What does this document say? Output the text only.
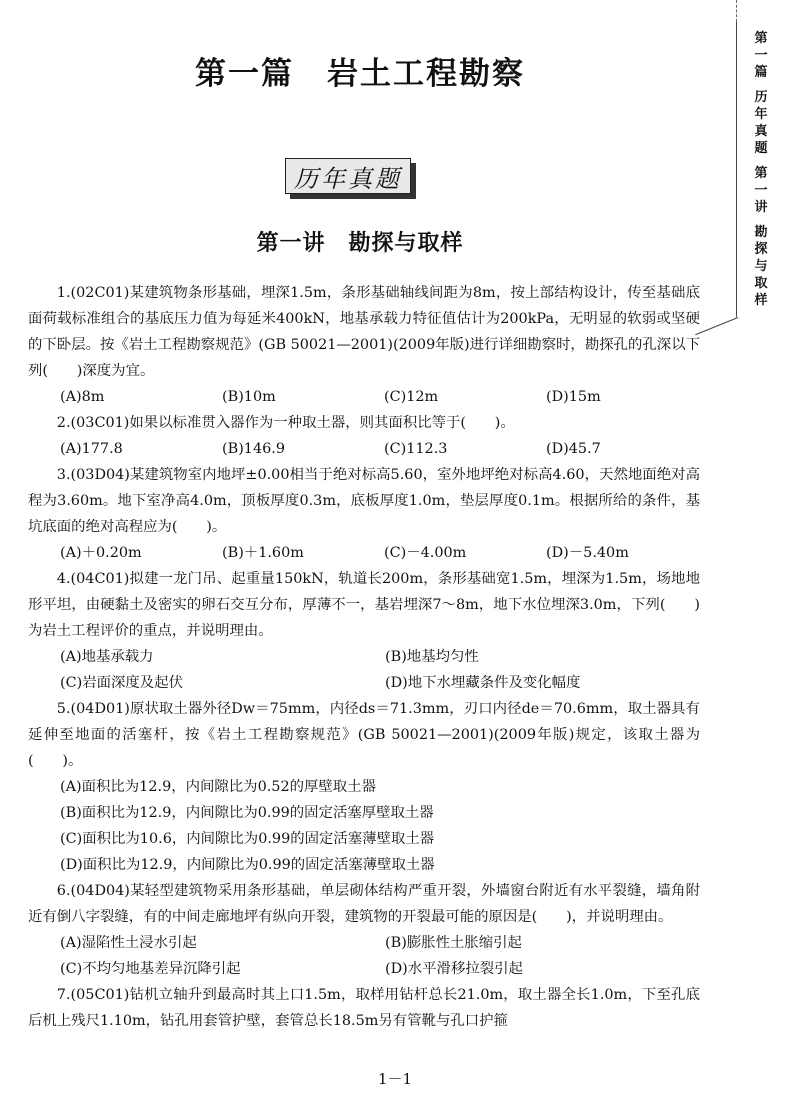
第一篇　岩土工程勘察
历年真题
第一讲　勘探与取样
第一篇
历年真题
第一讲
勘探与取样

1.(02C01)某建筑物条形基础，埋深1.5m，条形基础轴线间距为8m，按上部结构设计，传至基础底面荷载标准组合的基底压力值为每延米400kN，地基承载力特征值估计为200kPa，无明显的软弱或坚硬的下卧层。按《岩土工程勘察规范》(GB 50021—2001)(2009年版)进行详细勘察时，勘探孔的孔深以下列(　　)深度为宜。

(A)8m	(B)10m	(C)12m	(D)15m

2.(03C01)如果以标准贯入器作为一种取土器，则其面积比等于(　　)。

(A)177.8	(B)146.9	(C)112.3	(D)45.7

3.(03D04)某建筑物室内地坪±0.00相当于绝对标高5.60，室外地坪绝对标高4.60，天然地面绝对高程为3.60m。地下室净高4.0m，顶板厚度0.3m，底板厚度1.0m，垫层厚度0.1m。根据所给的条件，基坑底面的绝对高程应为(　　)。

(A)＋0.20m	(B)＋1.60m	(C)－4.00m	(D)－5.40m

4.(04C01)拟建一龙门吊、起重量150kN，轨道长200m，条形基础宽1.5m，埋深为1.5m，场地地形平坦，由硬黏土及密实的卵石交互分布，厚薄不一，基岩埋深7～8m，地下水位埋深3.0m，下列(　　)为岩土工程评价的重点，并说明理由。

(A)地基承载力	(B)地基均匀性
(C)岩面深度及起伏	(D)地下水埋藏条件及变化幅度

5.(04D01)原状取土器外径Dw＝75mm，内径ds＝71.3mm，刃口内径de＝70.6mm，取土器具有延伸至地面的活塞杆，按《岩土工程勘察规范》(GB 50021—2001)(2009年版)规定，该取土器为(　　)。

(A)面积比为12.9，内间隙比为0.52的厚壁取土器
(B)面积比为12.9，内间隙比为0.99的固定活塞厚壁取土器
(C)面积比为10.6，内间隙比为0.99的固定活塞薄壁取土器
(D)面积比为12.9，内间隙比为0.99的固定活塞薄壁取土器

6.(04D04)某轻型建筑物采用条形基础，单层砌体结构严重开裂，外墙窗台附近有水平裂缝，墙角附近有倒八字裂缝，有的中间走廊地坪有纵向开裂，建筑物的开裂最可能的原因是(　　)，并说明理由。

(A)湿陷性土浸水引起	(B)膨胀性土胀缩引起
(C)不均匀地基差异沉降引起	(D)水平滑移拉裂引起

7.(05C01)钻机立轴升到最高时其上口1.5m，取样用钻杆总长21.0m，取土器全长1.0m，下至孔底后机上残尺1.10m，钻孔用套管护壁，套管总长18.5m另有管靴与孔口护箍

1－1
